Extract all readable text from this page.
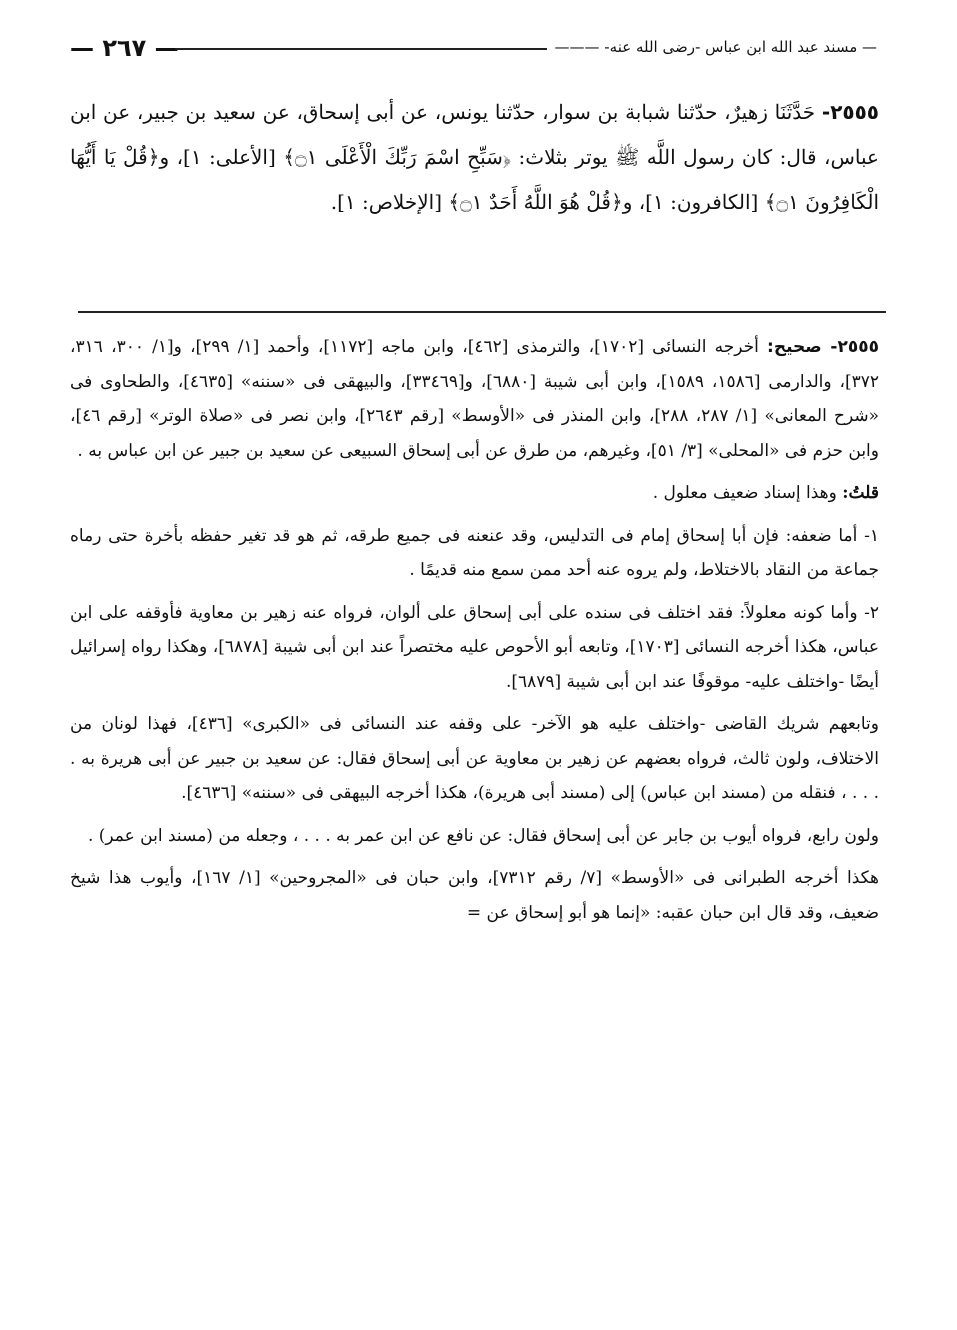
— ٢٦٧ —	— مسند عبد الله ابن عباس -رضى الله عنه- ———
٢٥٥٥- حَدَّثَنَا زهيرٌ، حدّثنا شبابة بن سوار، حدّثنا يونس، عن أبى إسحاق، عن سعيد بن جبير، عن ابن عباس، قال: كان رسول اللَّه ﷺ يوتر بثلاث: ﴿سَبِّحِ اسْمَ رَبِّكَ الْأَعْلَى ۝١﴾ [الأعلى: ١]، و﴿قُلْ يَا أَيُّهَا الْكَافِرُونَ ۝١﴾ [الكافرون: ١]، و﴿قُلْ هُوَ اللَّهُ أَحَدٌ ۝١﴾ [الإخلاص: ١].

٢٥٥٥- صحيح: أخرجه النسائى [١٧٠٢]، والترمذى [٤٦٢]، وابن ماجه [١١٧٢]، وأحمد [١/ ٢٩٩]، و[١/ ٣٠٠، ٣١٦، ٣٧٢]، والدارمى [١٥٨٦، ١٥٨٩]، وابن أبى شيبة [٦٨٨٠]، و[٣٣٤٦٩]، والبيهقى فى «سننه» [٤٦٣٥]، والطحاوى فى «شرح المعانى» [١/ ٢٨٧، ٢٨٨]، وابن المنذر فى «الأوسط» [رقم ٢٦٤٣]، وابن نصر فى «صلاة الوتر» [رقم ٤٦]، وابن حزم فى «المحلى» [٣/ ٥١]، وغيرهم، من طرق عن أبى إسحاق السبيعى عن سعيد بن جبير عن ابن عباس به .

قلتُ: وهذا إسناد ضعيف معلول .

١- أما ضعفه: فإن أبا إسحاق إمام فى التدليس، وقد عنعنه فى جميع طرقه، ثم هو قد تغير حفظه بأخرة حتى رماه جماعة من النقاد بالاختلاط، ولم يروه عنه أحد ممن سمع منه قديمًا .

٢- وأما كونه معلولاً: فقد اختلف فى سنده على أبى إسحاق على ألوان، فرواه عنه زهير بن معاوية فأوقفه على ابن عباس، هكذا أخرجه النسائى [١٧٠٣]، وتابعه أبو الأحوص عليه مختصراً عند ابن أبى شيبة [٦٨٧٨]، وهكذا رواه إسرائيل أيضًا -واختلف عليه- موقوفًا عند ابن أبى شيبة [٦٨٧٩].

وتابعهم شريك القاضى -واختلف عليه هو الآخر- على وقفه عند النسائى فى «الكبرى» [٤٣٦]، فهذا لونان من الاختلاف، ولون ثالث، فرواه بعضهم عن زهير بن معاوية عن أبى إسحاق فقال: عن سعيد بن جبير عن أبى هريرة به . . . . ، فنقله من (مسند ابن عباس) إلى (مسند أبى هريرة)، هكذا أخرجه البيهقى فى «سننه» [٤٦٣٦].

ولون رابع، فرواه أيوب بن جابر عن أبى إسحاق فقال: عن نافع عن ابن عمر به . . . ، وجعله من (مسند ابن عمر) .

هكذا أخرجه الطبرانى فى «الأوسط» [٧/ رقم ٧٣١٢]، وابن حبان فى «المجروحين» [١/ ١٦٧]، وأيوب هذا شيخ ضعيف، وقد قال ابن حبان عقبه: «إنما هو أبو إسحاق عن =
